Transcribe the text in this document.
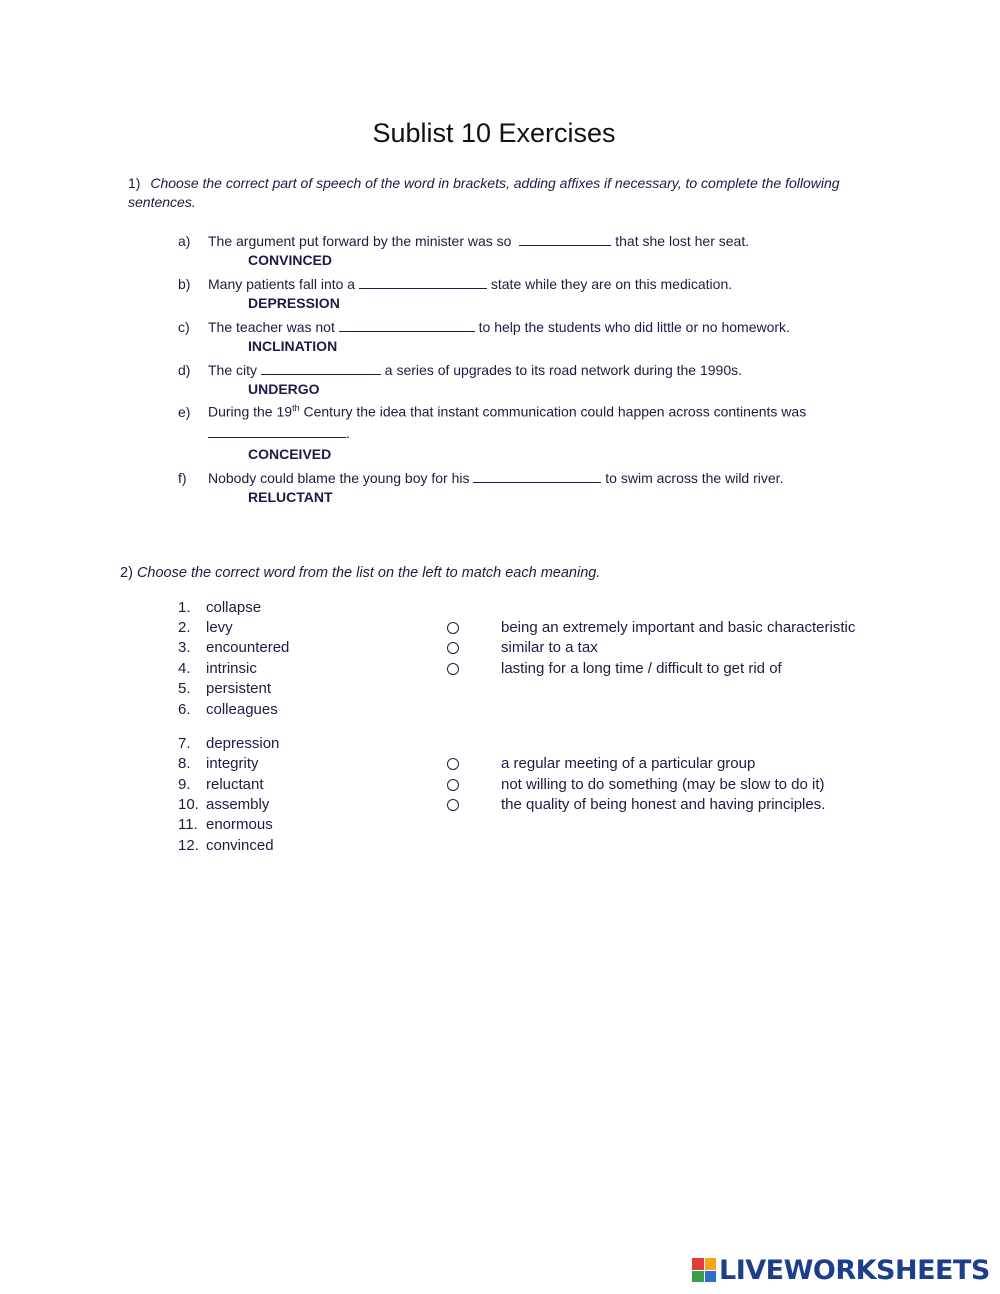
Sublist 10 Exercises
1) Choose the correct part of speech of the word in brackets, adding affixes if necessary, to complete the following
sentences.
a) The argument put forward by the minister was so	that she lost her seat.
CONVINCED
b) Many patients fall into a	state while they are on this medication.
DEPRESSION
c) The teacher was not	to help the students who did little or no homework.
INCLINATION
d) The city	a series of upgrades to its road network during the 1990s.
UNDERGO
e) During the 19th Century the idea that instant communication could happen across continents was
.
CONCEIVED
f) Nobody could blame the young boy for his	to swim across the wild river.
RELUCTANT
2) Choose the correct word from the list on the left to match each meaning.
1. collapse
2. levy
3. encountered
4. intrinsic
5. persistent
6. colleagues
being an extremely important and basic characteristic
similar to a tax
lasting for a long time / difficult to get rid of
7. depression
8. integrity
9. reluctant
10. assembly
11. enormous
12. convinced
a regular meeting of a particular group
not willing to do something (may be slow to do it)
the quality of being honest and having principles.
LIVEWORKSHEETS
